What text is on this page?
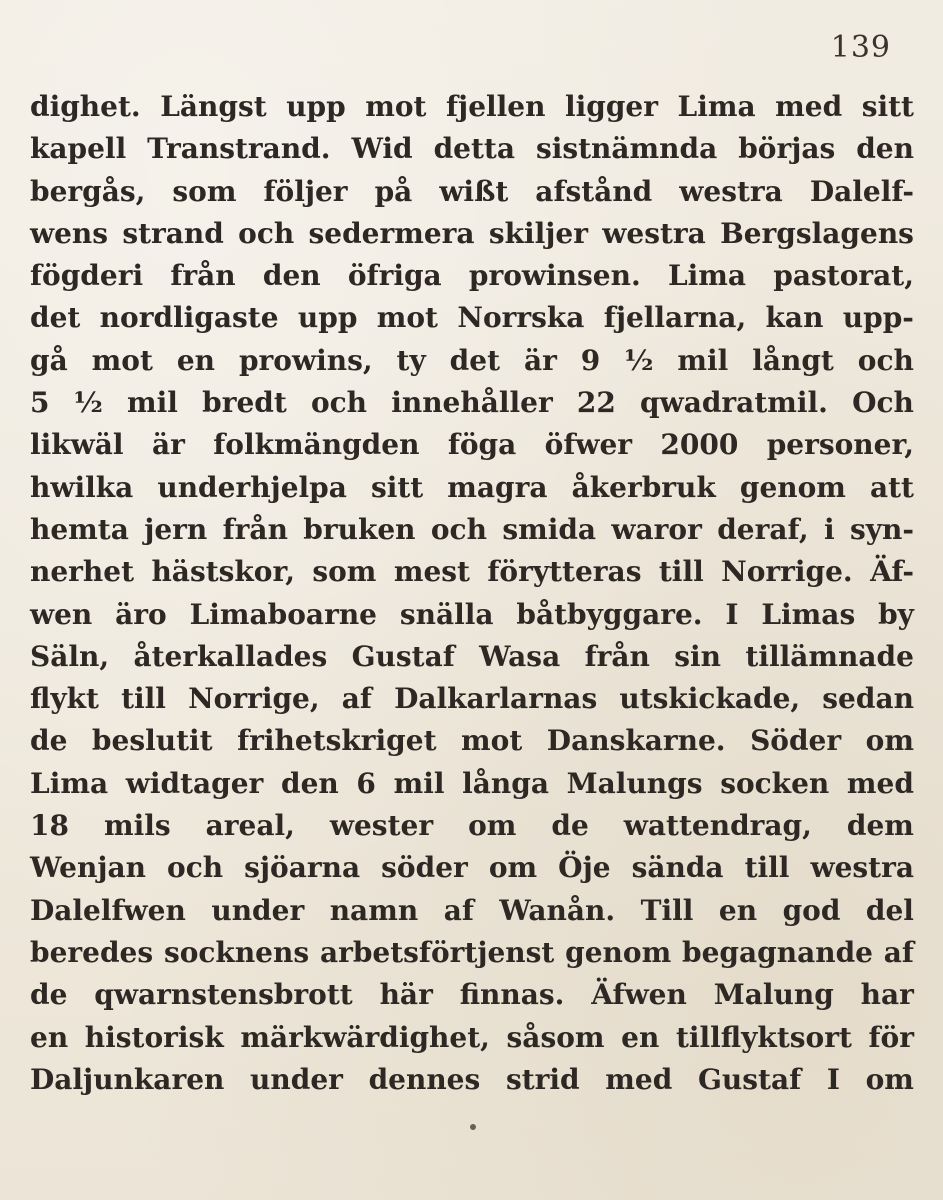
139
dighet. Längst upp mot fjellen ligger Lima med sitt
kapell Transtrand. Wid detta sistnämnda börjas den
bergås, som följer på wißt afstånd westra Dalelf-
wens strand och sedermera skiljer westra Bergslagens
fögderi från den öfriga prowinsen. Lima pastorat,
det nordligaste upp mot Norrska fjellarna, kan upp-
gå mot en prowins, ty det är 9 ½ mil långt och
5 ½ mil bredt och innehåller 22 qwadratmil. Och
likwäl är folkmängden föga öfwer 2000 personer,
hwilka underhjelpa sitt magra åkerbruk genom att
hemta jern från bruken och smida waror deraf, i syn-
nerhet hästskor, som mest förytteras till Norrige. Äf-
wen äro Limaboarne snälla båtbyggare. I Limas by
Säln, återkallades Gustaf Wasa från sin tillämnade
flykt till Norrige, af Dalkarlarnas utskickade, sedan
de beslutit frihetskriget mot Danskarne. Söder om
Lima widtager den 6 mil långa Malungs socken med
18 mils areal, wester om de wattendrag, dem
Wenjan och sjöarna söder om Öje sända till westra
Dalelfwen under namn af Wanån. Till en god del
beredes socknens arbetsförtjenst genom begagnande af
de qwarnstensbrott här finnas. Äfwen Malung har
en historisk märkwärdighet, såsom en tillflyktsort för
Daljunkaren under dennes strid med Gustaf I om
